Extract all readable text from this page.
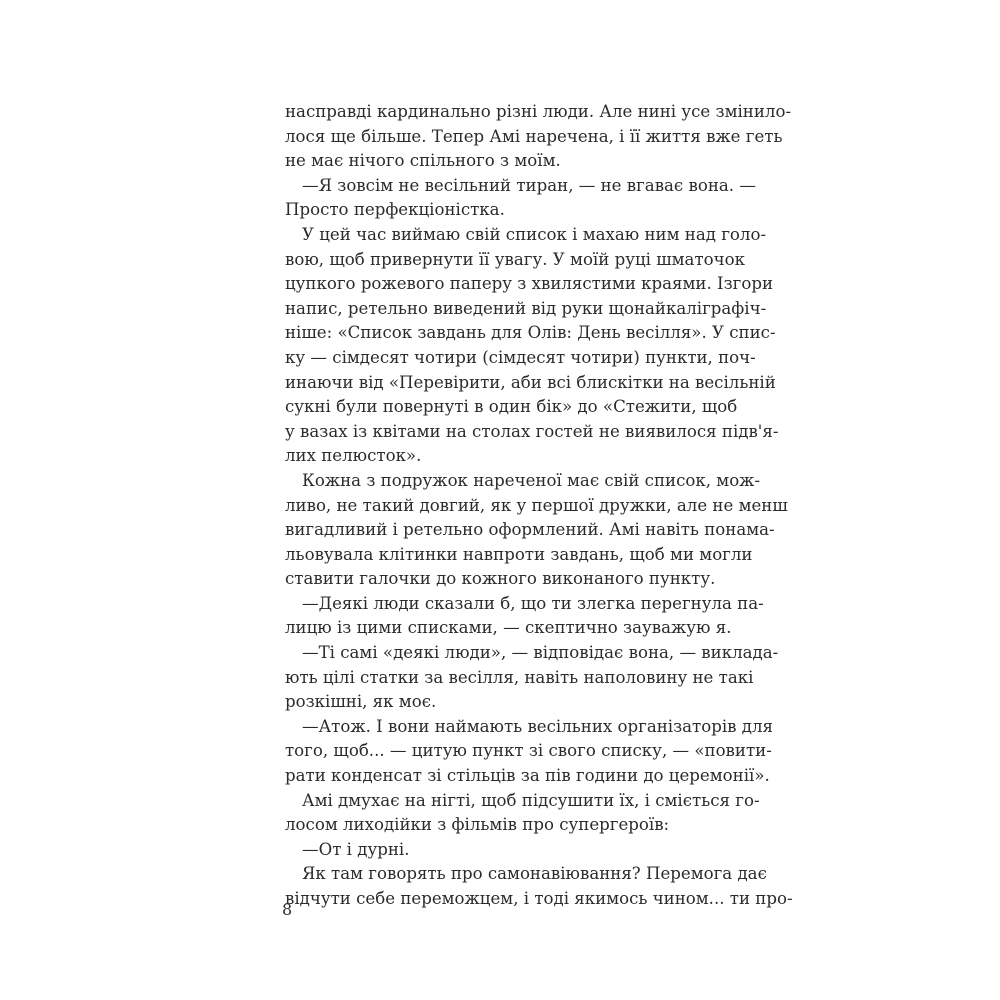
насправді кардинально різні люди. Але нині усе змінило-
лося ще більше. Тепер Амі наречена, і її життя вже геть
не має нічого спільного з моїм.
—Я зовсім не весільний тиран, — не вгаває вона. —
Просто перфекціоністка.
У цей час виймаю свій список і махаю ним над голо-
вою, щоб привернути її увагу. У моїй руці шматочок
цупкого рожевого паперу з хвилястими краями. Ізгори
напис, ретельно виведений від руки щонайкаліграфіч-
ніше: «Список завдань для Олів: День весілля». У спис-
ку — сімдесят чотири (сімдесят чотири) пункти, поч-
инаючи від «Перевірити, аби всі блискітки на весільній
сукні були повернуті в один бік» до «Стежити, щоб
у вазах із квітами на столах гостей не виявилося підв'я-
лих пелюсток».
Кожна з подружок нареченої має свій список, мож-
ливо, не такий довгий, як у першої дружки, але не менш
вигадливий і ретельно оформлений. Амі навіть понама-
льовувала клітинки навпроти завдань, щоб ми могли
ставити галочки до кожного виконаного пункту.
—Деякі люди сказали б, що ти злегка перегнула па-
лицю із цими списками, — скептично зауважую я.
—Ті самі «деякі люди», — відповідає вона, — виклада-
ють цілі статки за весілля, навіть наполовину не такі
розкішні, як моє.
—Атож. І вони наймають весільних організаторів для
того, щоб... — цитую пункт зі свого списку, — «повити-
рати конденсат зі стільців за пів години до церемонії».
Амі дмухає на нігті, щоб підсушити їх, і сміється го-
лосом лиходійки з фільмів про супергероїв:
—От і дурні.
Як там говорять про самонавіювання? Перемога дає
відчути себе переможцем, і тоді якимось чином... ти про-
8
